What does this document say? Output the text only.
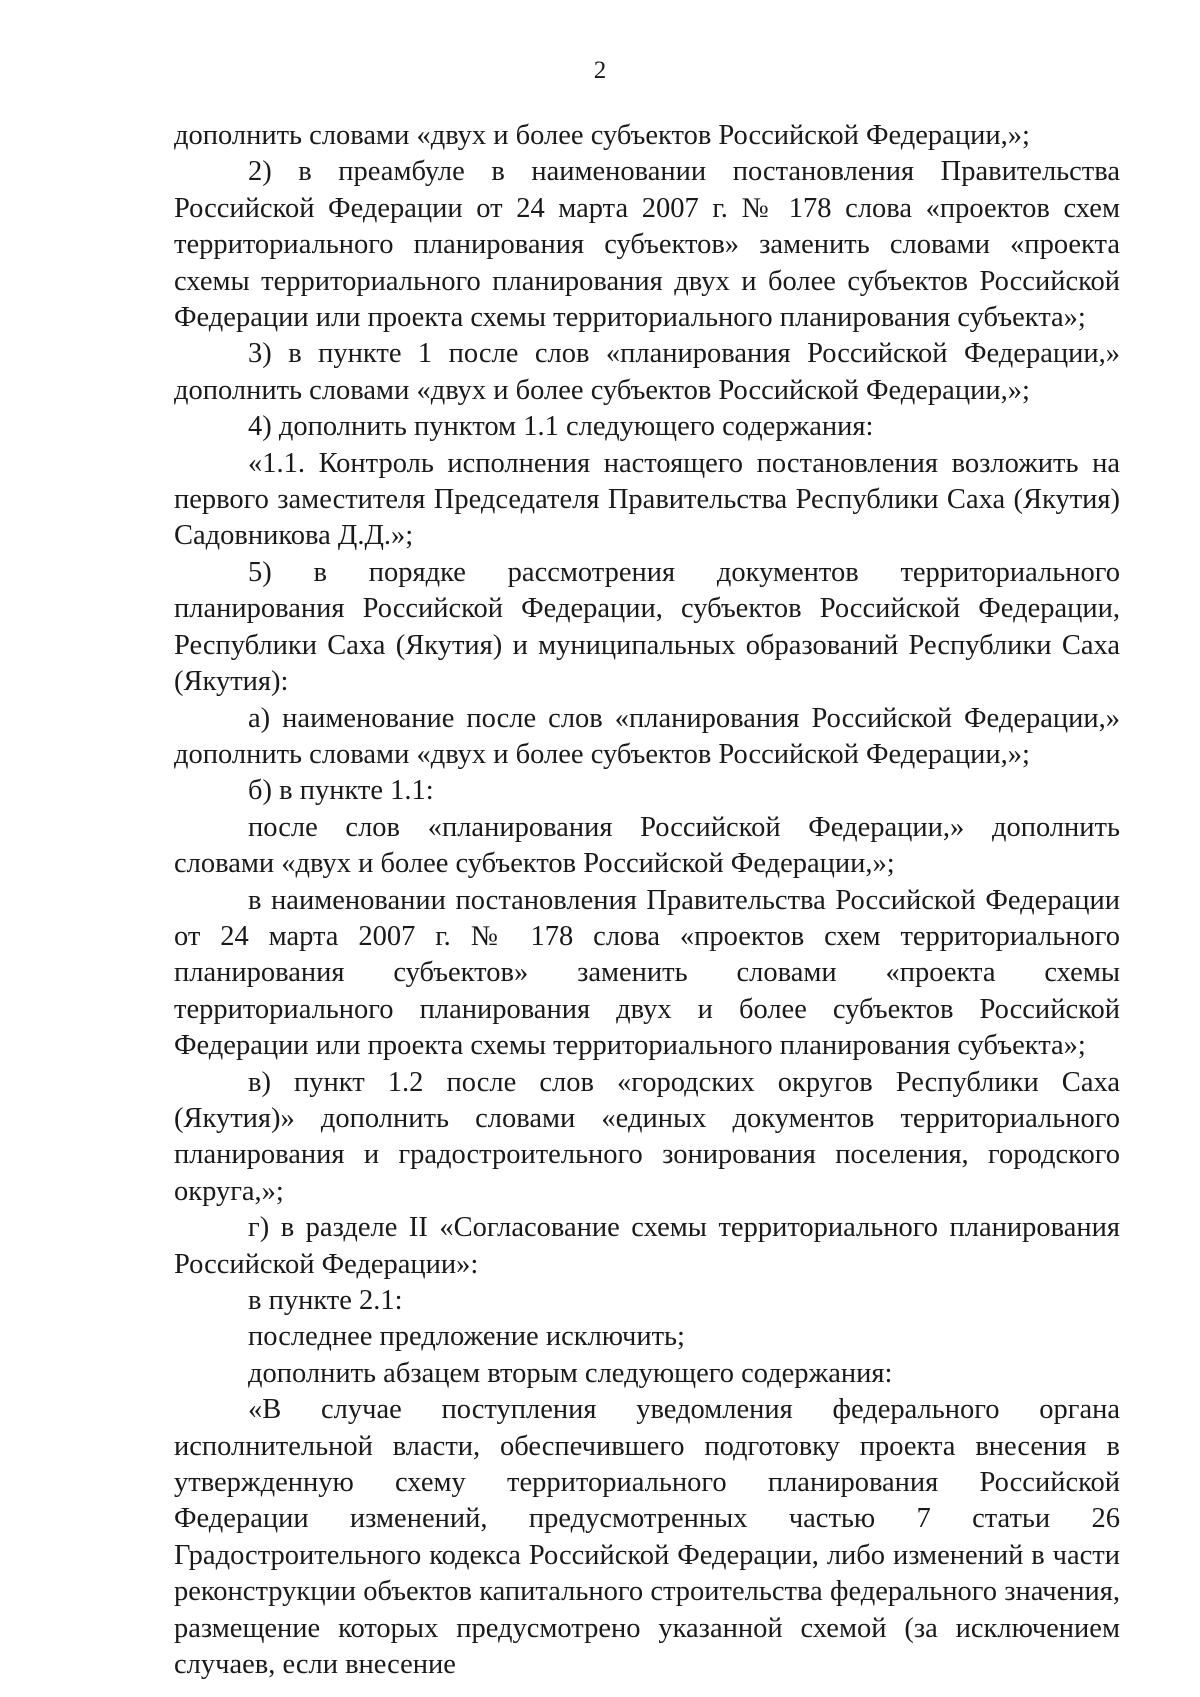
2

дополнить словами «двух и более субъектов Российской Федерации,»;

2) в преамбуле в наименовании постановления Правительства Российской Федерации от 24 марта 2007 г. № 178 слова «проектов схем территориального планирования субъектов» заменить словами «проекта схемы территориального планирования двух и более субъектов Российской Федерации или проекта схемы территориального планирования субъекта»;

3) в пункте 1 после слов «планирования Российской Федерации,» дополнить словами «двух и более субъектов Российской Федерации,»;

4) дополнить пунктом 1.1 следующего содержания:

«1.1. Контроль исполнения настоящего постановления возложить на первого заместителя Председателя Правительства Республики Саха (Якутия) Садовникова Д.Д.»;

5) в порядке рассмотрения документов территориального планирования Российской Федерации, субъектов Российской Федерации, Республики Саха (Якутия) и муниципальных образований Республики Саха (Якутия):

а) наименование после слов «планирования Российской Федерации,» дополнить словами «двух и более субъектов Российской Федерации,»;

б) в пункте 1.1:

после слов «планирования Российской Федерации,» дополнить словами «двух и более субъектов Российской Федерации,»;

в наименовании постановления Правительства Российской Федерации от 24 марта 2007 г. № 178 слова «проектов схем территориального планирования субъектов» заменить словами «проекта схемы территориального планирования двух и более субъектов Российской Федерации или проекта схемы территориального планирования субъекта»;

в) пункт 1.2 после слов «городских округов Республики Саха (Якутия)» дополнить словами «единых документов территориального планирования и градостроительного зонирования поселения, городского округа,»;

г) в разделе II «Согласование схемы территориального планирования Российской Федерации»:

в пункте 2.1:

последнее предложение исключить;

дополнить абзацем вторым следующего содержания:

«В случае поступления уведомления федерального органа исполнительной власти, обеспечившего подготовку проекта внесения в утвержденную схему территориального планирования Российской Федерации изменений, предусмотренных частью 7 статьи 26 Градостроительного кодекса Российской Федерации, либо изменений в части реконструкции объектов капитального строительства федерального значения, размещение которых предусмотрено указанной схемой (за исключением случаев, если внесение
